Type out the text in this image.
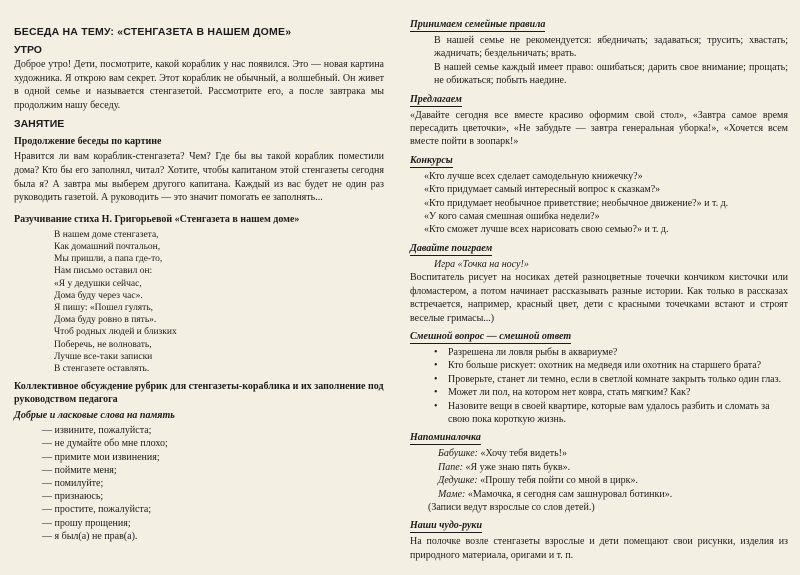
БЕСЕДА НА ТЕМУ: «СТЕНГАЗЕТА В НАШЕМ ДОМЕ»
УТРО

Доброе утро! Дети, посмотрите, какой кораблик у нас появился. Это — новая картина художника. Я открою вам секрет. Этот кораблик не обычный, а волшебный. Он живет в одной семье и называется стенгазетой. Рассмотрите его, а после завтрака мы продолжим нашу беседу.

ЗАНЯТИЕ
Продолжение беседы по картине

Нравится ли вам кораблик-стенгазета? Чем? Где бы вы такой кораблик поместили дома? Кто бы его заполнял, читал? Хотите, чтобы капитаном этой стенгазеты сегодня была я? А завтра мы выберем другого капитана. Каждый из вас будет не один раз руководить газетой. А руководить — это значит помогать ее заполнять...

Разучивание стиха Н. Григорьевой «Стенгазета в нашем доме»
В нашем доме стенгазета,
Как домашний почтальон,
Мы пришли, а папа где-то,
Нам письмо оставил он:
«Я у дедушки сейчас,
Дома буду через час».
Я пишу: «Пошел гулять,
Дома буду ровно в пять».
Чтоб родных людей и близких
Поберечь, не волновать,
Лучше все-таки записки
В стенгазете оставлять.
Коллективное обсуждение рубрик для стенгазеты-кораблика и их заполнение под руководством педагога
Добрые и ласковые слова на память
— извините, пожалуйста;
— не думайте обо мне плохо;
— примите мои извинения;
— поймите меня;
— помилуйте;
— признаюсь;
— простите, пожалуйста;
— прошу прощения;
— я был(а) не прав(а).
Принимаем семейные правила

В нашей семье не рекомендуется: ябедничать; задаваться; трусить; хвастать; жадничать; бездельничать; врать.

В нашей семье каждый имеет право: ошибаться; дарить свое внимание; прощать; не обижаться; побыть наедине.

Предлагаем

«Давайте сегодня все вместе красиво оформим свой стол», «Завтра самое время пересадить цветочки», «Не забудьте — завтра генеральная уборка!», «Хочется всем вместе пойти в зоопарк!»

Конкурсы
«Кто лучше всех сделает самодельную книжечку?»
«Кто придумает самый интересный вопрос к сказкам?»
«Кто придумает необычное приветствие; необычное движение?» и т. д.
«У кого самая смешная ошибка недели?»
«Кто сможет лучше всех нарисовать свою семью?» и т. д.
Давайте поиграем
Игра «Точка на носу!»

Воспитатель рисует на носиках детей разноцветные точечки кончиком кисточки или фломастером, а потом начинает рассказывать разные истории. Как только в рассказах встречается, например, красный цвет, дети с красными точечками встают и строят веселые гримасы...)

Смешной вопрос — смешной ответ
• Разрешена ли ловля рыбы в аквариуме?
• Кто больше рискует: охотник на медведя или охотник на старшего брата?
• Проверьте, станет ли темно, если в светлой комнате закрыть только один глаз.
• Может ли пол, на котором нет ковра, стать мягким? Как?
• Назовите вещи в своей квартире, которые вам удалось разбить и сломать за свою пока короткую жизнь.
Напоминалочка
Бабушке: «Хочу тебя видеть!»
Папе: «Я уже знаю пять букв».
Дедушке: «Прошу тебя пойти со мной в цирк».
Маме: «Мамочка, я сегодня сам зашнуровал ботинки».
(Записи ведут взрослые со слов детей.)
Наши чудо-руки

На полочке возле стенгазеты взрослые и дети помещают свои рисунки, изделия из природного материала, оригами и т. п.
